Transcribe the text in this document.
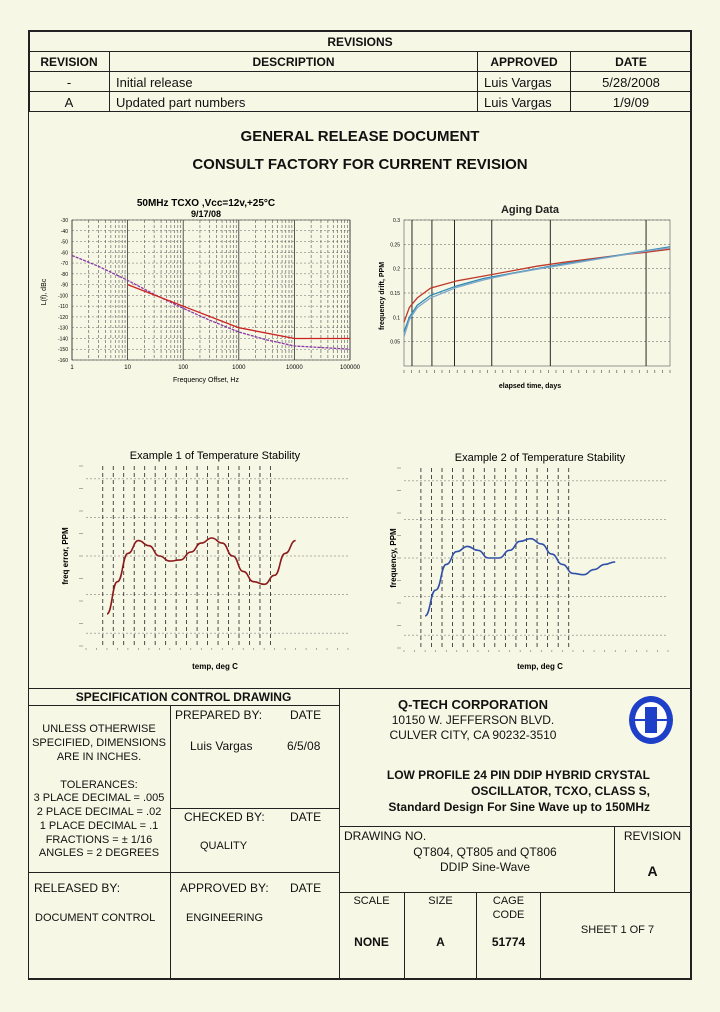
REVISIONS
REVISION	DESCRIPTION	APPROVED	DATE
-	Initial release	Luis Vargas	5/28/2008
A	Updated part numbers	Luis Vargas	1/9/09
GENERAL RELEASE DOCUMENT
CONSULT FACTORY FOR CURRENT REVISION
50MHz TCXO ,Vcc=12v,+25°C
9/17/08
Frequency Offset, Hz
L(f), dBc
-30
-40
-50
-60
-70
-80
-90
-100
-110
-120
-130
-140
-150
-160
1	10	100	1000	10000	100000
Aging Data
elapsed time, days
frequency drift, PPM
0.3
0.25
0.2
0.15
0.1
0.05
Example 1 of Temperature Stability
temp, deg C
freq error, PPM
Example 2 of Temperature Stability
temp, deg C
frequency, PPM
SPECIFICATION CONTROL DRAWING
UNLESS OTHERWISE
SPECIFIED, DIMENSIONS
ARE IN INCHES.
TOLERANCES:
3 PLACE DECIMAL = .005
2 PLACE DECIMAL = .02
1 PLACE DECIMAL = .1
FRACTIONS = ± 1/16
ANGLES = 2 DEGREES
PREPARED BY: DATE
Luis Vargas	6/5/08
CHECKED BY: DATE
QUALITY
RELEASED BY:
DOCUMENT CONTROL
APPROVED BY: DATE
ENGINEERING
Q-TECH CORPORATION
10150 W. JEFFERSON BLVD.
CULVER CITY, CA 90232-3510
LOW PROFILE 24 PIN DDIP HYBRID CRYSTAL
OSCILLATOR, TCXO, CLASS S,
Standard Design For Sine Wave up to 150MHz
DRAWING NO.
QT804, QT805 and QT806
DDIP Sine-Wave
REVISION
A
SCALE
NONE
SIZE
A
CAGE
CODE
51774
SHEET 1 OF 7
